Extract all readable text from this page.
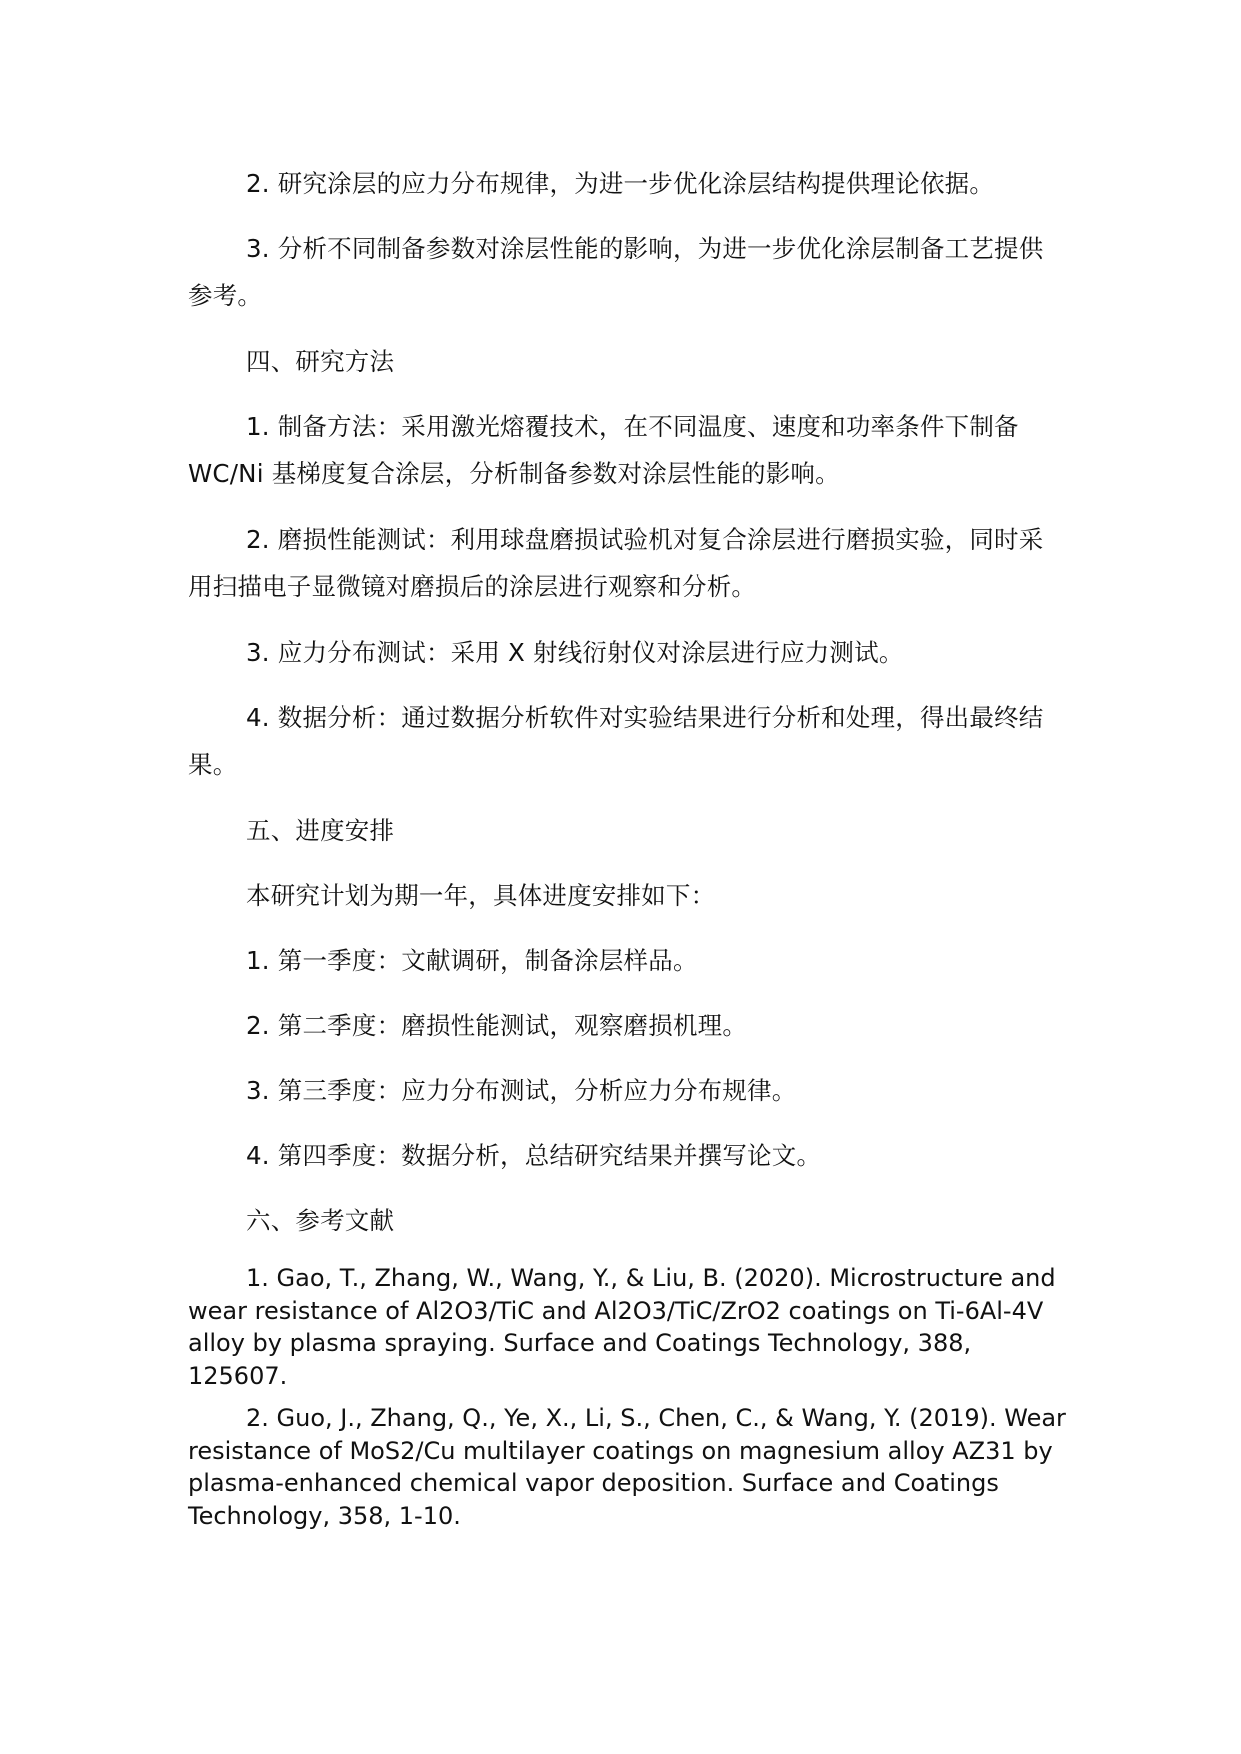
2. 研究涂层的应力分布规律，为进一步优化涂层结构提供理论依据。

3. 分析不同制备参数对涂层性能的影响，为进一步优化涂层制备工艺提供参考。

四、研究方法

1. 制备方法：采用激光熔覆技术，在不同温度、速度和功率条件下制备 WC/Ni 基梯度复合涂层，分析制备参数对涂层性能的影响。

2. 磨损性能测试：利用球盘磨损试验机对复合涂层进行磨损实验，同时采用扫描电子显微镜对磨损后的涂层进行观察和分析。

3. 应力分布测试：采用 X 射线衍射仪对涂层进行应力测试。

4. 数据分析：通过数据分析软件对实验结果进行分析和处理，得出最终结果。

五、进度安排

本研究计划为期一年，具体进度安排如下：

1. 第一季度：文献调研，制备涂层样品。

2. 第二季度：磨损性能测试，观察磨损机理。

3. 第三季度：应力分布测试，分析应力分布规律。

4. 第四季度：数据分析，总结研究结果并撰写论文。

六、参考文献

1. Gao, T., Zhang, W., Wang, Y., & Liu, B. (2020). Microstructure and wear resistance of Al2O3/TiC and Al2O3/TiC/ZrO2 coatings on Ti-6Al-4V alloy by plasma spraying. Surface and Coatings Technology, 388, 125607.

2. Guo, J., Zhang, Q., Ye, X., Li, S., Chen, C., & Wang, Y. (2019). Wear resistance of MoS2/Cu multilayer coatings on magnesium alloy AZ31 by plasma-enhanced chemical vapor deposition. Surface and Coatings Technology, 358, 1-10.
